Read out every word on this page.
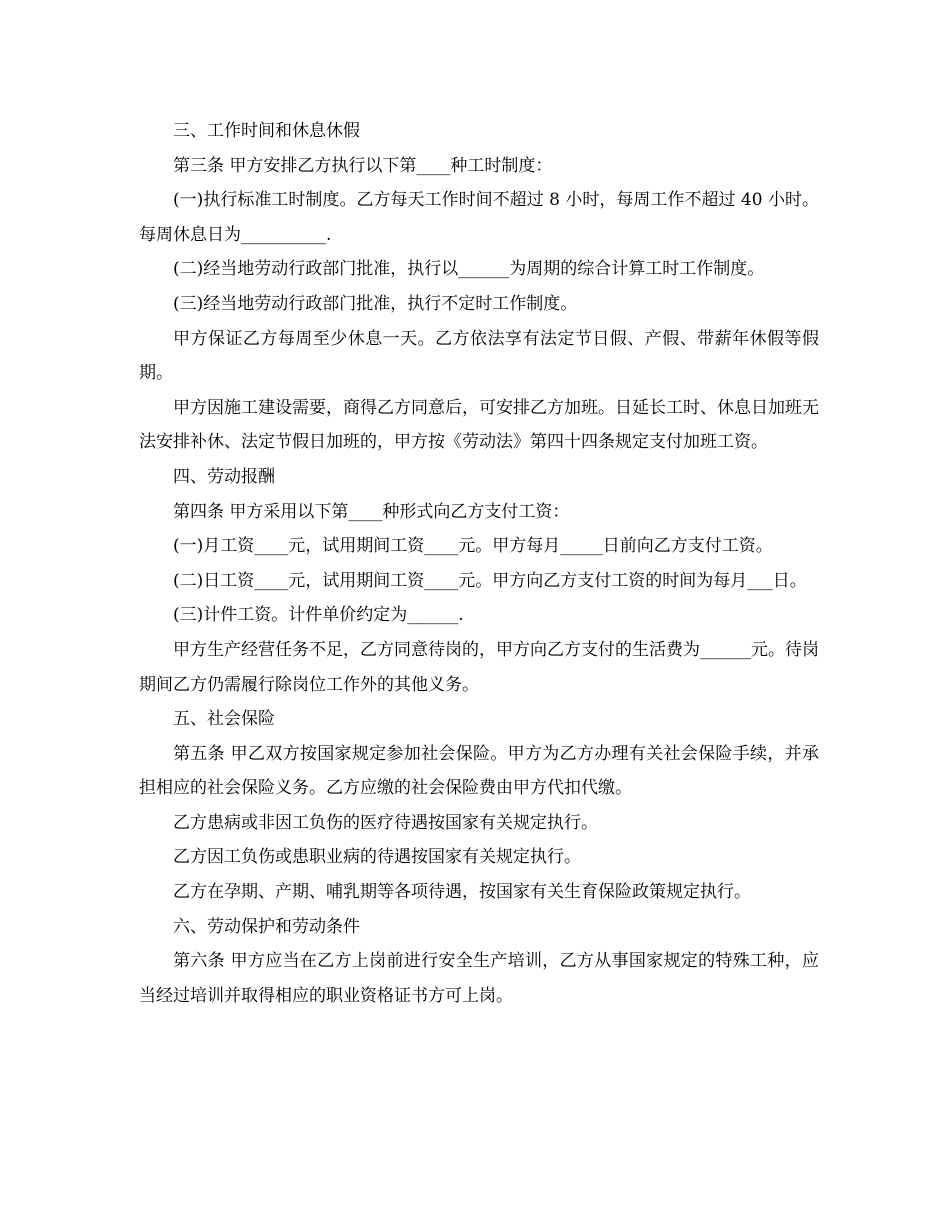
三、工作时间和休息休假

第三条 甲方安排乙方执行以下第____种工时制度：

(一)执行标准工时制度。乙方每天工作时间不超过 8 小时，每周工作不超过 40 小时。每周休息日为__________.

(二)经当地劳动行政部门批准，执行以______为周期的综合计算工时工作制度。

(三)经当地劳动行政部门批准，执行不定时工作制度。

甲方保证乙方每周至少休息一天。乙方依法享有法定节日假、产假、带薪年休假等假期。

甲方因施工建设需要，商得乙方同意后，可安排乙方加班。日延长工时、休息日加班无法安排补休、法定节假日加班的，甲方按《劳动法》第四十四条规定支付加班工资。

四、劳动报酬

第四条 甲方采用以下第____种形式向乙方支付工资：

(一)月工资____元，试用期间工资____元。甲方每月_____日前向乙方支付工资。

(二)日工资____元，试用期间工资____元。甲方向乙方支付工资的时间为每月___日。

(三)计件工资。计件单价约定为______.

甲方生产经营任务不足，乙方同意待岗的，甲方向乙方支付的生活费为______元。待岗期间乙方仍需履行除岗位工作外的其他义务。

五、社会保险

第五条 甲乙双方按国家规定参加社会保险。甲方为乙方办理有关社会保险手续，并承担相应的社会保险义务。乙方应缴的社会保险费由甲方代扣代缴。

乙方患病或非因工负伤的医疗待遇按国家有关规定执行。

乙方因工负伤或患职业病的待遇按国家有关规定执行。

乙方在孕期、产期、哺乳期等各项待遇，按国家有关生育保险政策规定执行。

六、劳动保护和劳动条件

第六条 甲方应当在乙方上岗前进行安全生产培训，乙方从事国家规定的特殊工种，应当经过培训并取得相应的职业资格证书方可上岗。
